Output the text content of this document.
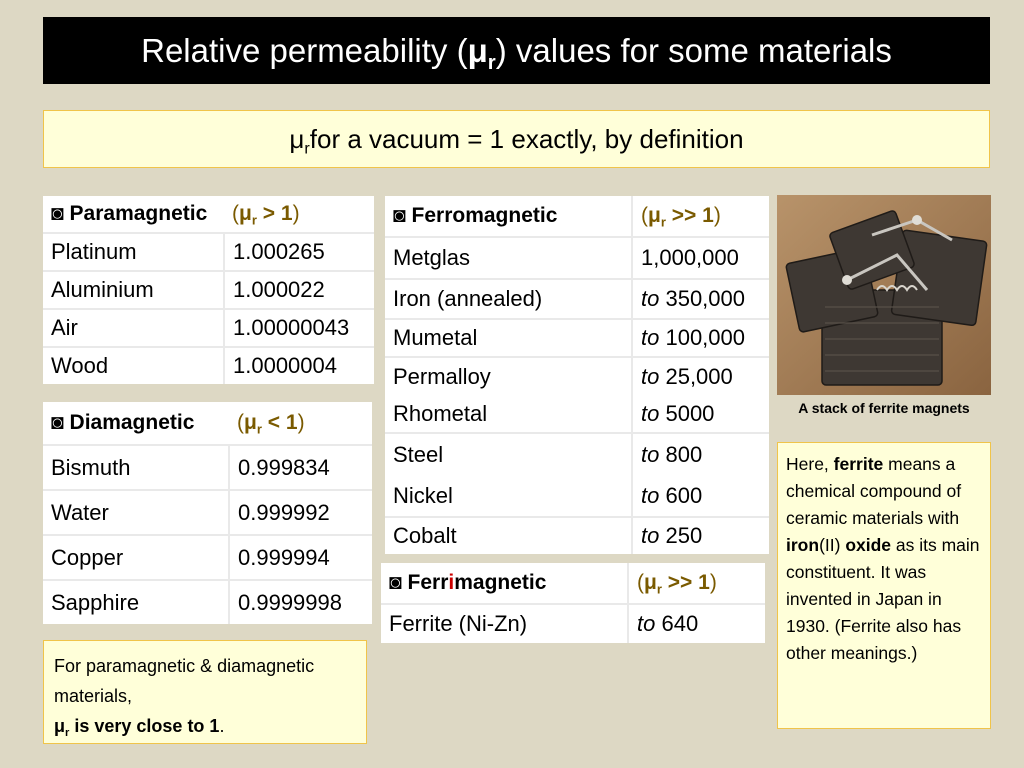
Relative permeability ( $\mu_r$ ) values for some materials
$\mu_r$ for a vacuum = 1 exactly, by definition
◙ Paramagnetic	$(\mu_r > 1)$
Platinum	1.000265
Aluminium	1.000022
Air	1.00000043
Wood	1.0000004
◙ Diamagnetic	$(\mu_r < 1)$
Bismuth	0.999834
Water	0.999992
Copper	0.999994
Sapphire	0.9999998
◙ Ferromagnetic	$(\mu_r >> 1)$
Metglas	1,000,000
Iron (annealed)	to 350,000
Mumetal	to 100,000
Permalloy	to 25,000
Rhometal	to 5000
Steel	to 800
Nickel	to 600
Cobalt	to 250
◙ Ferrimagnetic	$(\mu_r >> 1)$
Ferrite (Ni-Zn)	to 640
A stack of ferrite magnets
Here, ferrite means a chemical compound of ceramic materials with iron(II) oxide as its main constituent. It was invented in Japan in 1930. (Ferrite also has other meanings.)
For paramagnetic & diamagnetic materials,
$\mu_r$ is very close to 1.
